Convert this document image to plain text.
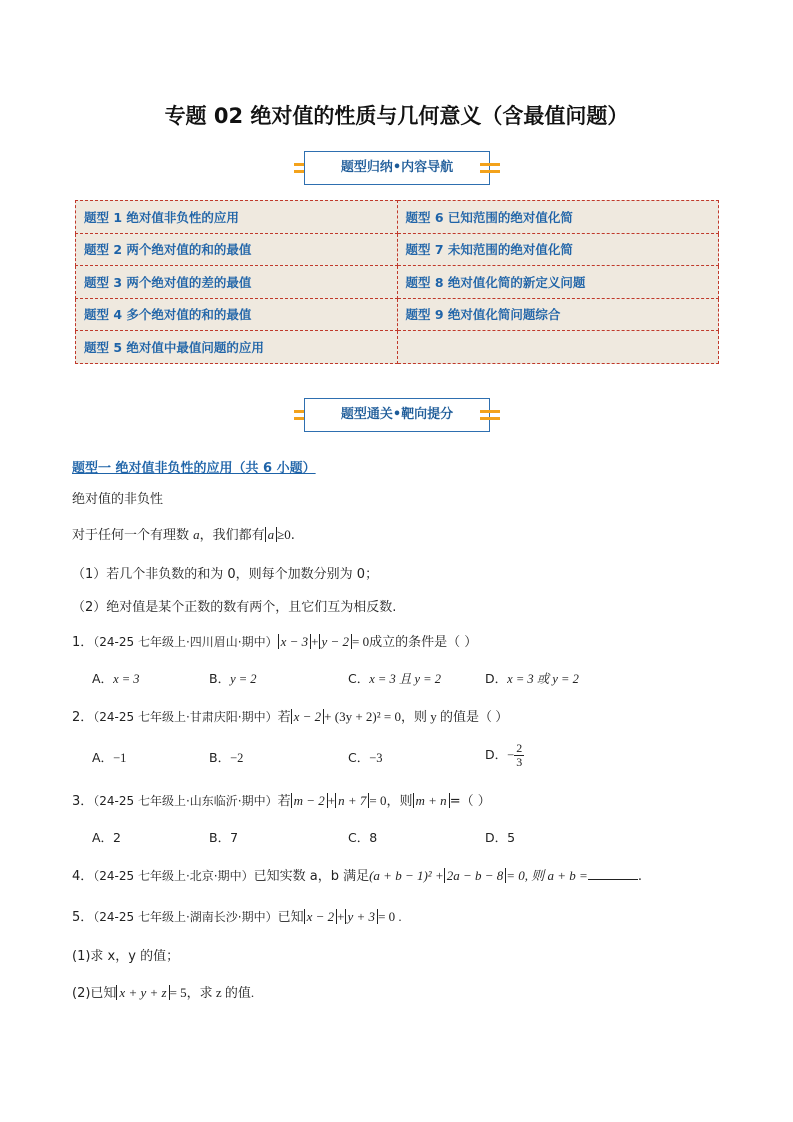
专题 02 绝对值的性质与几何意义（含最值问题）
题型归纳•内容导航
题型 1 绝对值非负性的应用	题型 6 已知范围的绝对值化简
题型 2 两个绝对值的和的最值	题型 7 未知范围的绝对值化简
题型 3 两个绝对值的差的最值	题型 8 绝对值化简的新定义问题
题型 4 多个绝对值的和的最值	题型 9 绝对值化简问题综合
题型 5 绝对值中最值问题的应用	
题型通关•靶向提分
题型一 绝对值非负性的应用（共 6 小题）
绝对值的非负性
对于任何一个有理数 a，我们都有 a ≥0.
（1）若几个非负数的和为 0，则每个加数分别为 0；
（2）绝对值是某个正数的数有两个，且它们互为相反数.
1．（24-25 七年级上·四川眉山·期中） x − 3 + y − 2 = 0成立的条件是（ ）
A．x = 3	B．y = 2	C．x = 3 且 y = 2	D．x = 3 或 y = 2
2．（24-25 七年级上·甘肃庆阳·期中）若 x − 2 + (3y + 2)² = 0，则 y 的值是（ ）
A．−1	B．−2	C．−3	D．− $\frac{2}{3}$
3．（24-25 七年级上·山东临沂·期中）若 m − 2 + n + 7 = 0，则 m + n =（ ）
A．2	B．7	C．8	D．5
4．（24-25 七年级上·北京·期中）已知实数 a，b 满足(a + b − 1)² + 2a − b − 8 = 0, 则 a + b =	.
5．（24-25 七年级上·湖南长沙·期中）已知 x − 2 + y + 3 = 0 .
(1)求 x，y 的值；
(2)已知 x + y + z = 5，求 z 的值.
